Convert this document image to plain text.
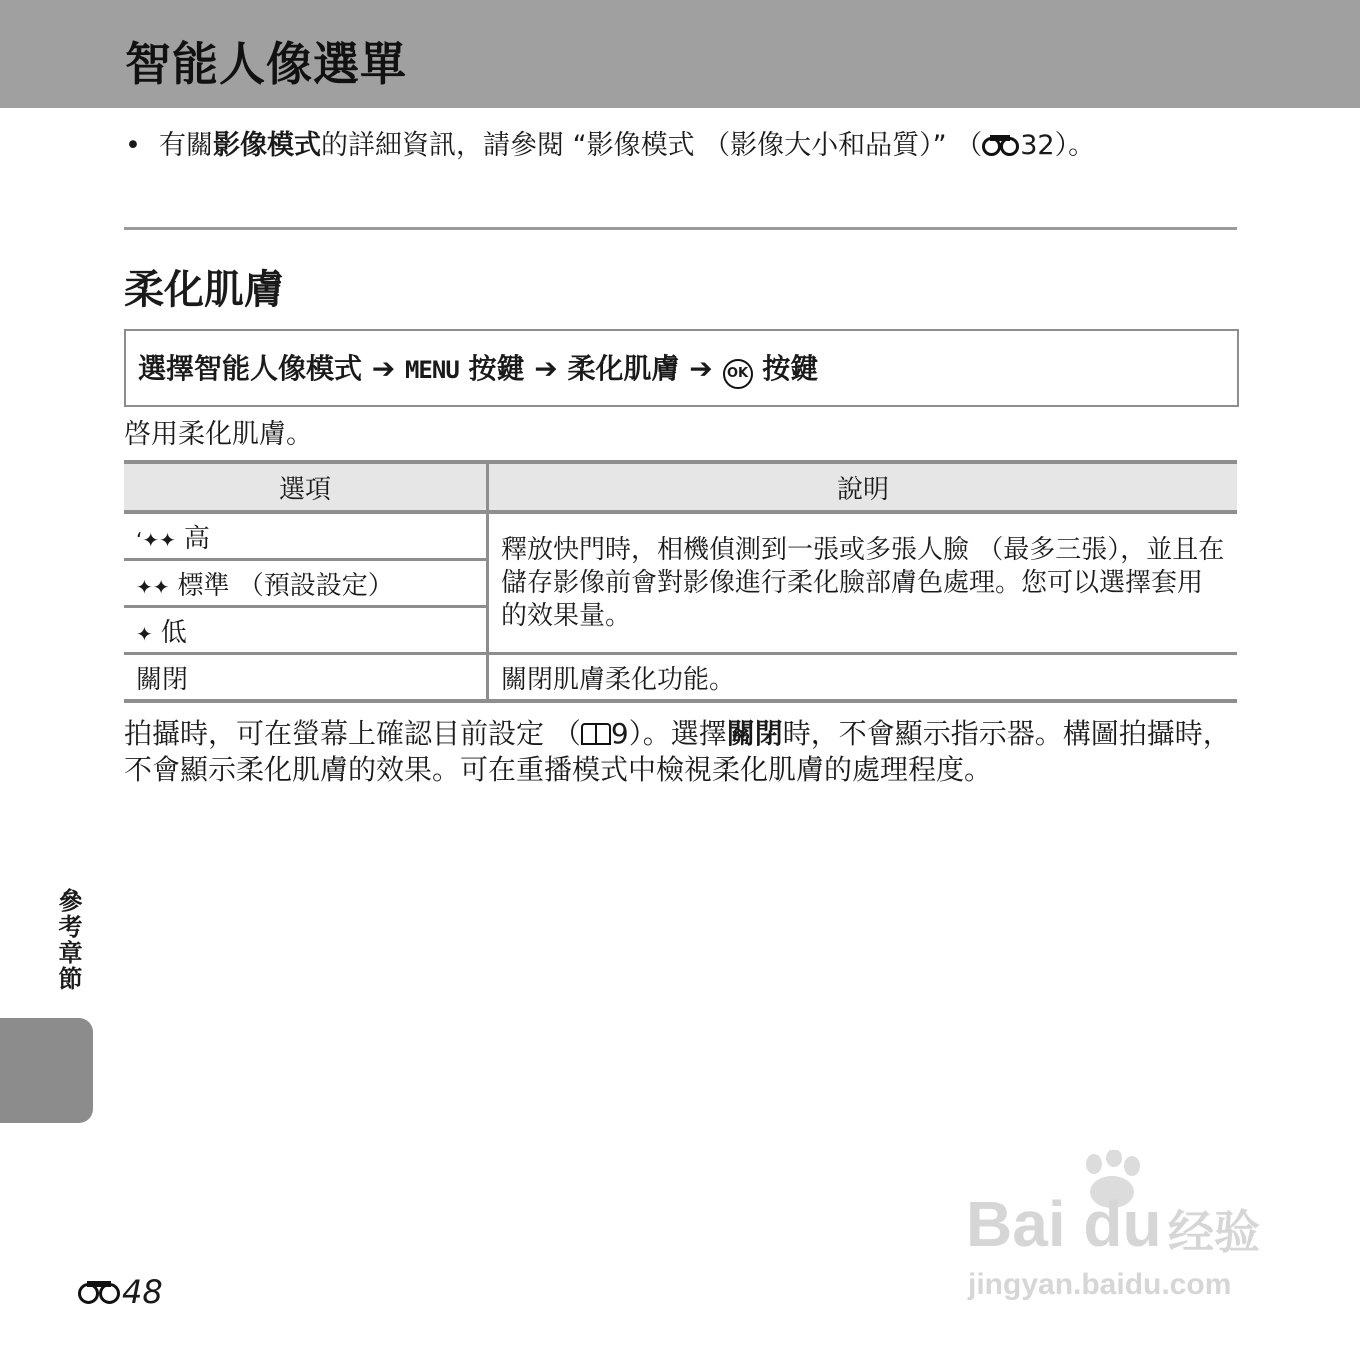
智能人像選單
• 有關影像模式的詳細資訊，請參閱 “影像模式 （影像大小和品質）” （ 32）。
柔化肌膚
選擇智能人像模式 ➔ MENU 按鍵 ➔ 柔化肌膚 ➔ OK 按鍵
啓用柔化肌膚。
選項	說明
ʻ✦✦ 高	釋放快門時，相機偵測到一張或多張人臉 （最多三張），並且在儲存影像前會對影像進行柔化臉部膚色處理。您可以選擇套用的效果量。
✦✦ 標準 （預設設定）	
✦ 低	
關閉	關閉肌膚柔化功能。
拍攝時，可在螢幕上確認目前設定 （ 9）。選擇關閉時，不會顯示指示器。構圖拍攝時，不會顯示柔化肌膚的效果。可在重播模式中檢視柔化肌膚的處理程度。
參考章節
48
Bai du 经验
jingyan.baidu.com
